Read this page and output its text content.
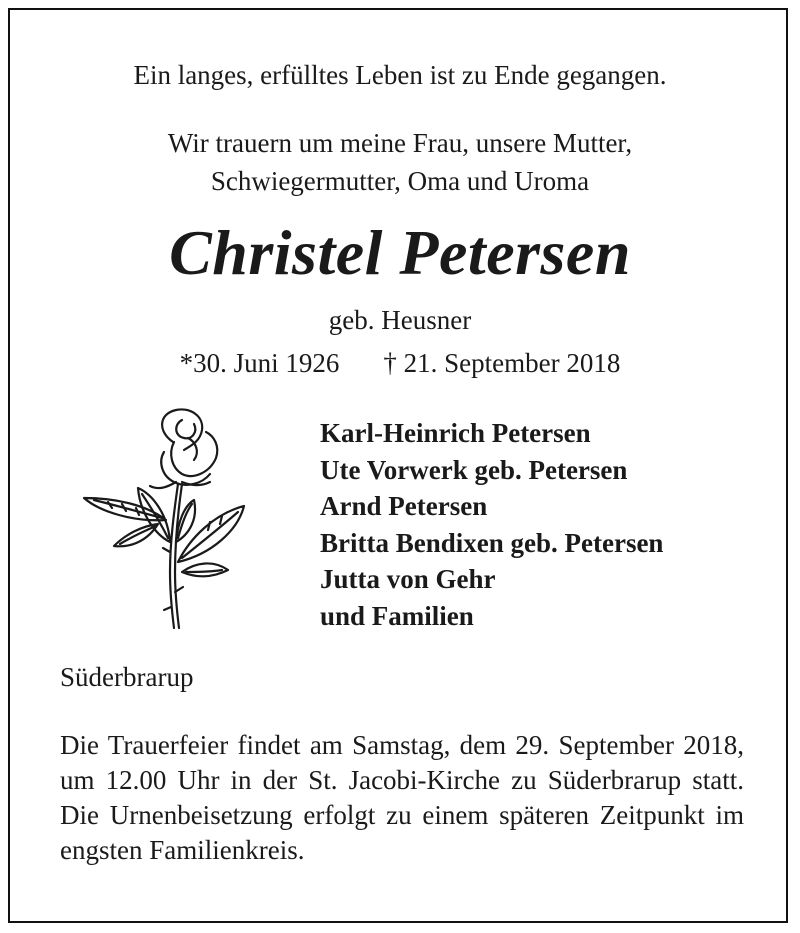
Ein langes, erfülltes Leben ist zu Ende gegangen.
Wir trauern um meine Frau, unsere Mutter,
Schwiegermutter, Oma und Uroma
Christel Petersen
geb. Heusner
*30. Juni 1926 † 21. September 2018
Karl-Heinrich Petersen
Ute Vorwerk geb. Petersen
Arnd Petersen
Britta Bendixen geb. Petersen
Jutta von Gehr
und Familien
Süderbrarup
Die Trauerfeier findet am Samstag, dem 29. September 2018, um 12.00 Uhr in der St. Jacobi-Kirche zu Süderbrarup statt. Die Urnenbeisetzung erfolgt zu einem späteren Zeitpunkt im engsten Familienkreis.
